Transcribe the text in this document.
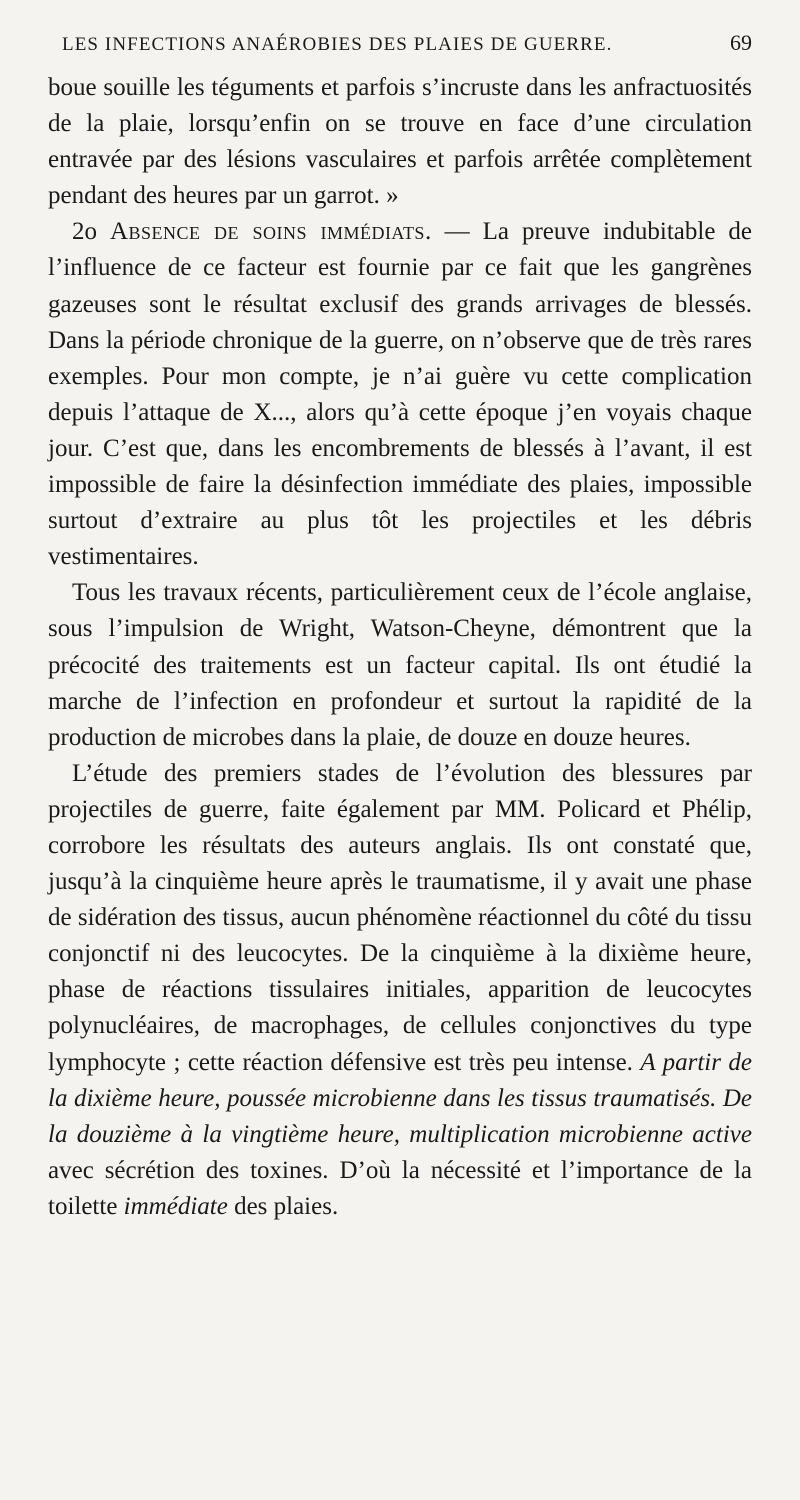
LES INFECTIONS ANAÉROBIES DES PLAIES DE GUERRE.	69

boue souille les téguments et parfois s’incruste dans les anfractuosités de la plaie, lorsqu’enfin on se trouve en face d’une circulation entravée par des lésions vasculaires et parfois arrêtée complètement pendant des heures par un garrot. »

2o Absence de soins immédiats. — La preuve indubitable de l’influence de ce facteur est fournie par ce fait que les gangrènes gazeuses sont le résultat exclusif des grands arrivages de blessés. Dans la période chronique de la guerre, on n’observe que de très rares exemples. Pour mon compte, je n’ai guère vu cette complication depuis l’attaque de X..., alors qu’à cette époque j’en voyais chaque jour. C’est que, dans les encombrements de blessés à l’avant, il est impossible de faire la désinfection immédiate des plaies, impossible surtout d’extraire au plus tôt les projectiles et les débris vestimentaires.

Tous les travaux récents, particulièrement ceux de l’école anglaise, sous l’impulsion de Wright, Watson-Cheyne, démontrent que la précocité des traitements est un facteur capital. Ils ont étudié la marche de l’infection en profondeur et surtout la rapidité de la production de microbes dans la plaie, de douze en douze heures.

L’étude des premiers stades de l’évolution des blessures par projectiles de guerre, faite également par MM. Policard et Phélip, corrobore les résultats des auteurs anglais. Ils ont constaté que, jusqu’à la cinquième heure après le traumatisme, il y avait une phase de sidération des tissus, aucun phénomène réactionnel du côté du tissu conjonctif ni des leucocytes. De la cinquième à la dixième heure, phase de réactions tissulaires initiales, apparition de leucocytes polynucléaires, de macrophages, de cellules conjonctives du type lymphocyte ; cette réaction défensive est très peu intense. A partir de la dixième heure, poussée microbienne dans les tissus traumatisés. De la douzième à la vingtième heure, multiplication microbienne active avec sécrétion des toxines. D’où la nécessité et l’importance de la toilette immédiate des plaies.
